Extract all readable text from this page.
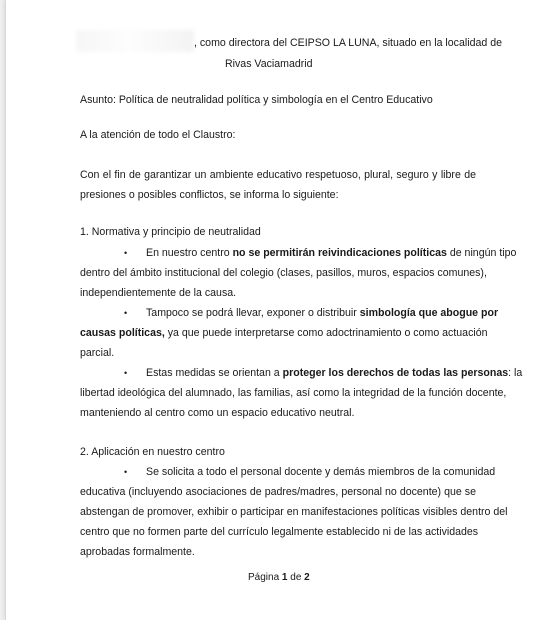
, como directora del CEIPSO LA LUNA, situado en la localidad de
Rivas Vaciamadrid
Asunto: Política de neutralidad política y simbología en el Centro Educativo
A la atención de todo el Claustro:
Con el fin de garantizar un ambiente educativo respetuoso, plural, seguro y libre de
presiones o posibles conflictos, se informa lo siguiente:
1. Normativa y principio de neutralidad
• En nuestro centro no se permitirán reivindicaciones políticas de ningún tipo
dentro del ámbito institucional del colegio (clases, pasillos, muros, espacios comunes),
independientemente de la causa.
• Tampoco se podrá llevar, exponer o distribuir simbología que abogue por
causas políticas, ya que puede interpretarse como adoctrinamiento o como actuación
parcial.
• Estas medidas se orientan a proteger los derechos de todas las personas: la
libertad ideológica del alumnado, las familias, así como la integridad de la función docente,
manteniendo al centro como un espacio educativo neutral.
2. Aplicación en nuestro centro
• Se solicita a todo el personal docente y demás miembros de la comunidad
educativa (incluyendo asociaciones de padres/madres, personal no docente) que se
abstengan de promover, exhibir o participar en manifestaciones políticas visibles dentro del
centro que no formen parte del currículo legalmente establecido ni de las actividades
aprobadas formalmente.
Página 1 de 2
